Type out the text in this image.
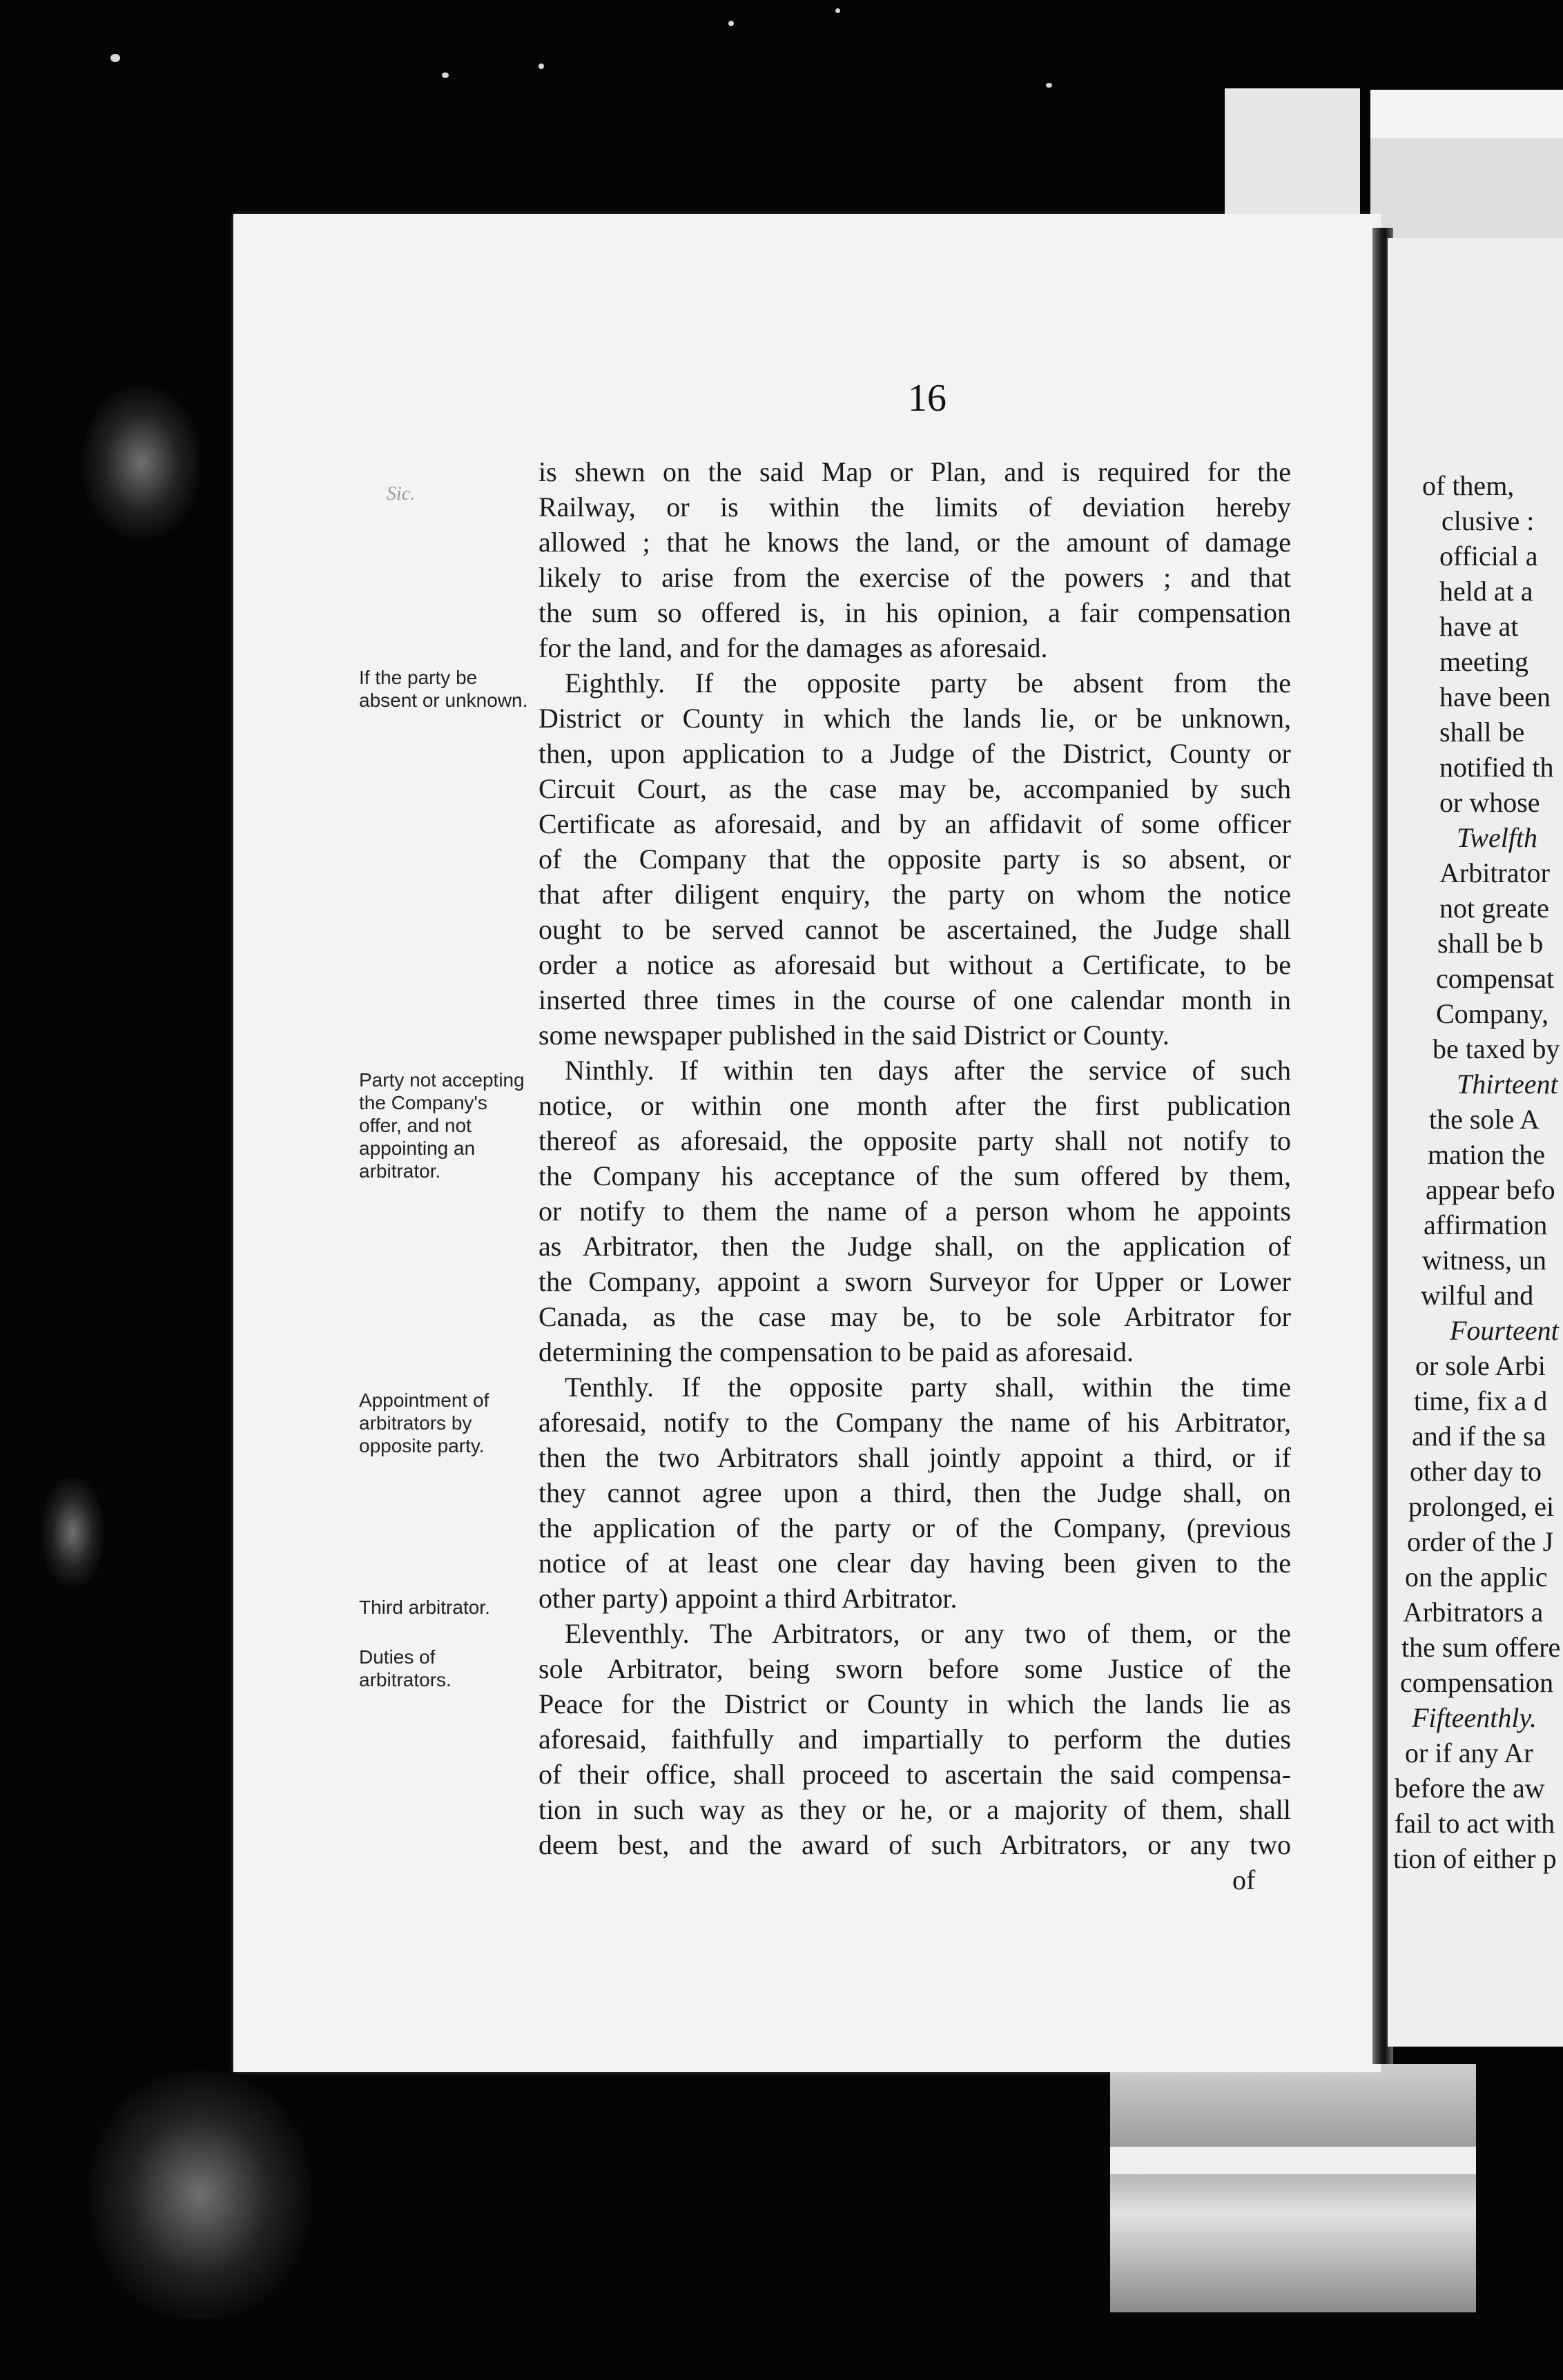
16
Sic.
If the party be absent or unknown.
Party not accepting the Company's offer, and not appointing an arbitrator.
Appointment of arbitrators by opposite party.
Third arbitrator.
Duties of arbitrators.
is shewn on the said Map or Plan, and is required for the
Railway, or is within the limits of deviation hereby
allowed ; that he knows the land, or the amount of damage
likely to arise from the exercise of the powers ; and that
the sum so offered is, in his opinion, a fair compensation
for the land, and for the damages as aforesaid.
Eighthly. If the opposite party be absent from the
District or County in which the lands lie, or be unknown,
then, upon application to a Judge of the District, County or
Circuit Court, as the case may be, accompanied by such
Certificate as aforesaid, and by an affidavit of some officer
of the Company that the opposite party is so absent, or
that after diligent enquiry, the party on whom the notice
ought to be served cannot be ascertained, the Judge shall
order a notice as aforesaid but without a Certificate, to be
inserted three times in the course of one calendar month in
some newspaper published in the said District or County.
Ninthly. If within ten days after the service of such
notice, or within one month after the first publication
thereof as aforesaid, the opposite party shall not notify to
the Company his acceptance of the sum offered by them,
or notify to them the name of a person whom he appoints
as Arbitrator, then the Judge shall, on the application of
the Company, appoint a sworn Surveyor for Upper or Lower
Canada, as the case may be, to be sole Arbitrator for
determining the compensation to be paid as aforesaid.
Tenthly. If the opposite party shall, within the time
aforesaid, notify to the Company the name of his Arbitrator,
then the two Arbitrators shall jointly appoint a third, or if
they cannot agree upon a third, then the Judge shall, on
the application of the party or of the Company, (previous
notice of at least one clear day having been given to the
other party) appoint a third Arbitrator.
Eleventhly. The Arbitrators, or any two of them, or the
sole Arbitrator, being sworn before some Justice of the
Peace for the District or County in which the lands lie as
aforesaid, faithfully and impartially to perform the duties
of their office, shall proceed to ascertain the said compensa-
tion in such way as they or he, or a majority of them, shall
deem best, and the award of such Arbitrators, or any two
of
of them,
clusive :
official a
held at a
have at
meeting
have been
shall be
notified th
or whose
Twelfth
Arbitrator
not greate
shall be b
compensat
Company,
be taxed by
Thirteent
the sole A
mation the
appear befo
affirmation
witness, un
wilful and
Fourteent
or sole Arbi
time, fix a d
and if the sa
other day to
prolonged, ei
order of the J
on the applic
Arbitrators a
the sum offere
compensation
Fifteenthly.
or if any Ar
before the aw
fail to act with
tion of either p
